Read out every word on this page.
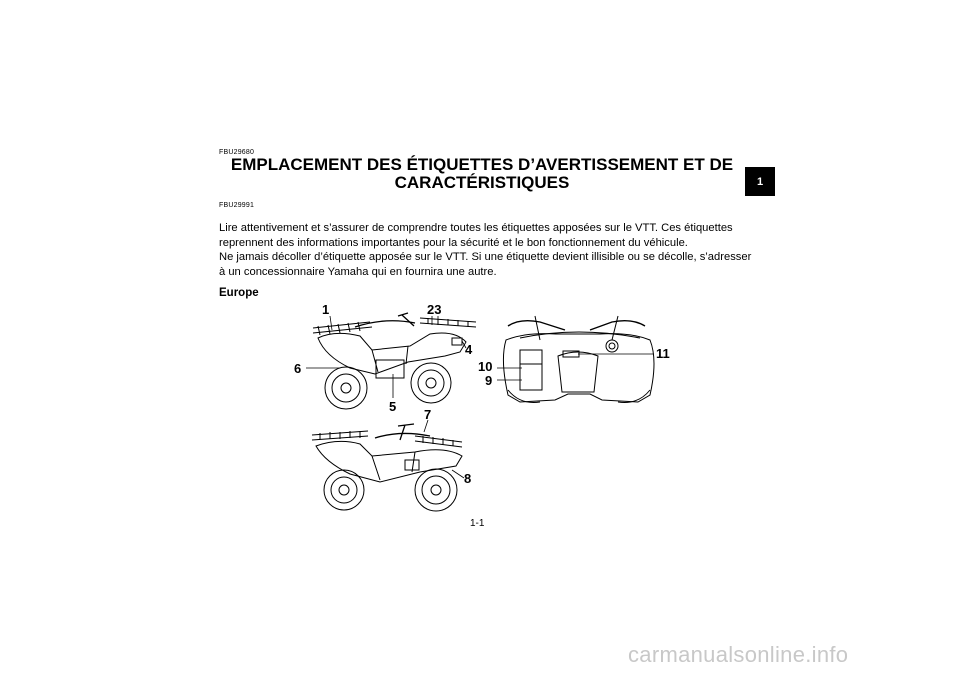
FBU29680
EMPLACEMENT DES ÉTIQUETTES D’AVERTISSEMENT ET DE
CARACTÉRISTIQUES
FBU29991

Lire attentivement et s’assurer de comprendre toutes les étiquettes apposées sur le VTT. Ces étiquettes reprennent des informations importantes pour la sécurité et le bon fonctionnement du véhicule.

Ne jamais décoller d’étiquette apposée sur le VTT. Si une étiquette devient illisible ou se décolle, s’adresser à un concessionnaire Yamaha qui en fournira une autre.

Europe
1
1-1
carmanualsonline.info
1	23
4
5
6
7
8
9
10
11
